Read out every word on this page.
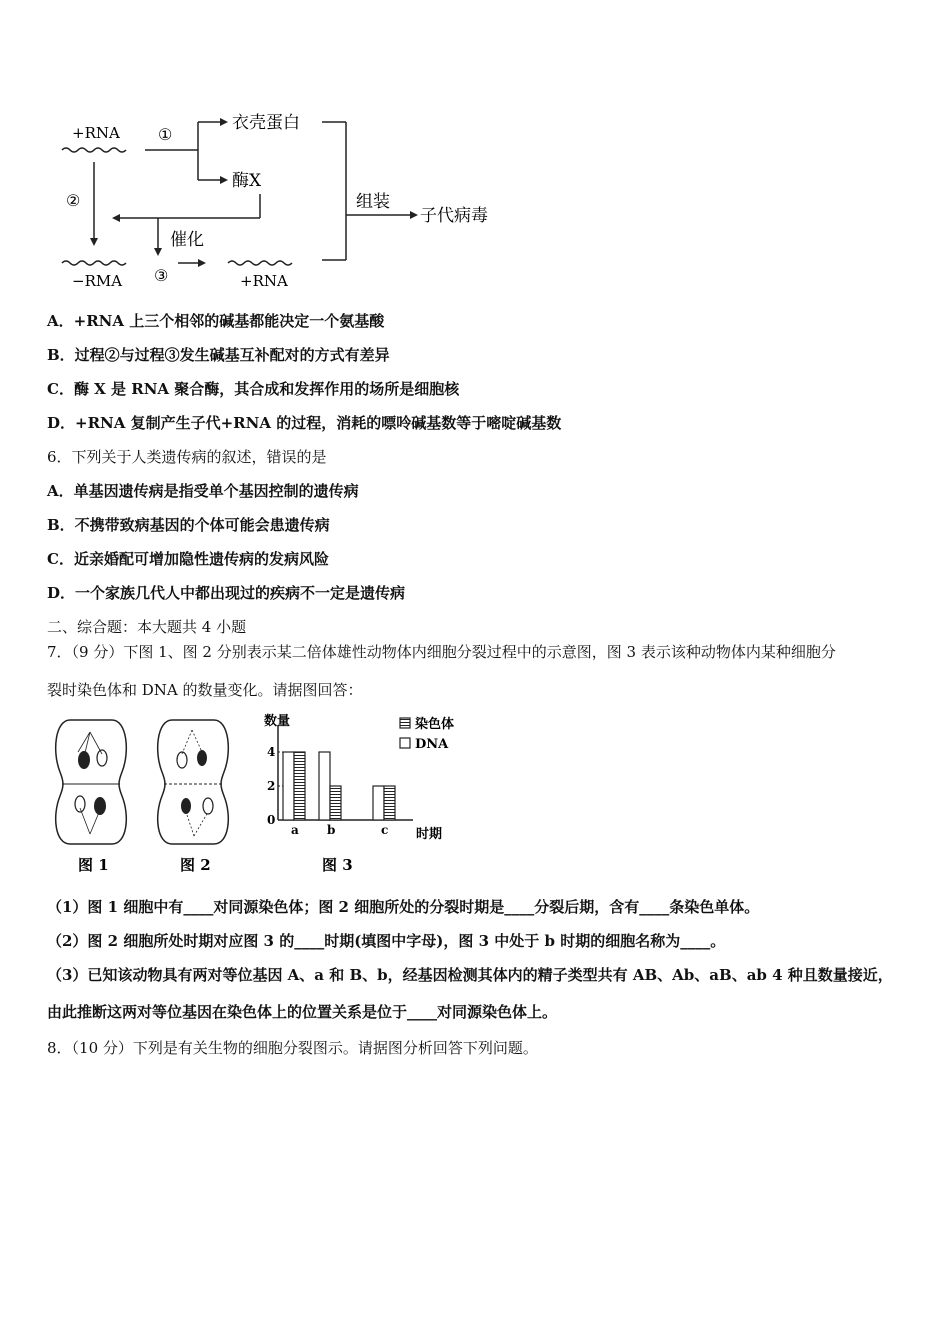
+RNA ①
衣壳蛋白
酶X
催化
②
−RMA ③	+RNA
组装
子代病毒
A．+RNA 上三个相邻的碱基都能决定一个氨基酸
B．过程②与过程③发生碱基互补配对的方式有差异
C．酶 X 是 RNA 聚合酶，其合成和发挥作用的场所是细胞核
D．+RNA 复制产生子代+RNA 的过程，消耗的嘌呤碱基数等于嘧啶碱基数
6．下列关于人类遗传病的叙述，错误的是
A．单基因遗传病是指受单个基因控制的遗传病
B．不携带致病基因的个体可能会患遗传病
C．近亲婚配可增加隐性遗传病的发病风险
D．一个家族几代人中都出现过的疾病不一定是遗传病
二、综合题：本大题共 4 小题
7．（9 分）下图 1、图 2 分别表示某二倍体雄性动物体内细胞分裂过程中的示意图，图 3 表示该种动物体内某种细胞分
裂时染色体和 DNA 的数量变化。请据图回答：
图 1	图 2
数量
时期
0
2
4
染色体
DNA
a b	c
图 3
（1）图 1 细胞中有____对同源染色体；图 2 细胞所处的分裂时期是____分裂后期，含有____条染色单体。
（2）图 2 细胞所处时期对应图 3 的____时期(填图中字母)，图 3 中处于 b 时期的细胞名称为____。
（3）已知该动物具有两对等位基因 A、a 和 B、b，经基因检测其体内的精子类型共有 AB、Ab、aB、ab 4 种且数量接近，
由此推断这两对等位基因在染色体上的位置关系是位于____对同源染色体上。
8．（10 分）下列是有关生物的细胞分裂图示。请据图分析回答下列问题。
